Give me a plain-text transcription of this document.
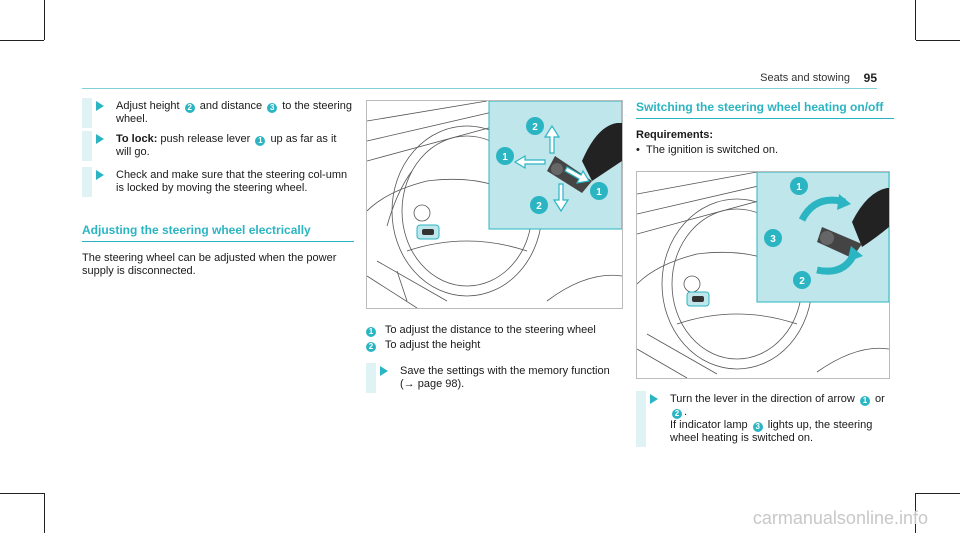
Seats and stowing 95
Adjust height 2 and distance 3 to the steering wheel.
To lock: push release lever 1 up as far as it will go.
Check and make sure that the steering col-umn is locked by moving the steering wheel.
Adjusting the steering wheel electrically
The steering wheel can be adjusted when the power supply is disconnected.
2
1
2
1
1 To adjust the distance to the steering wheel
2 To adjust the height
Save the settings with the memory function
(→ page 98).
Switching the steering wheel heating on/off
Requirements:
• The ignition is switched on.
1
3
2
Turn the lever in the direction of arrow 1 or
2 .
If indicator lamp 3 lights up, the steering wheel heating is switched on.
carmanualsonline.info
